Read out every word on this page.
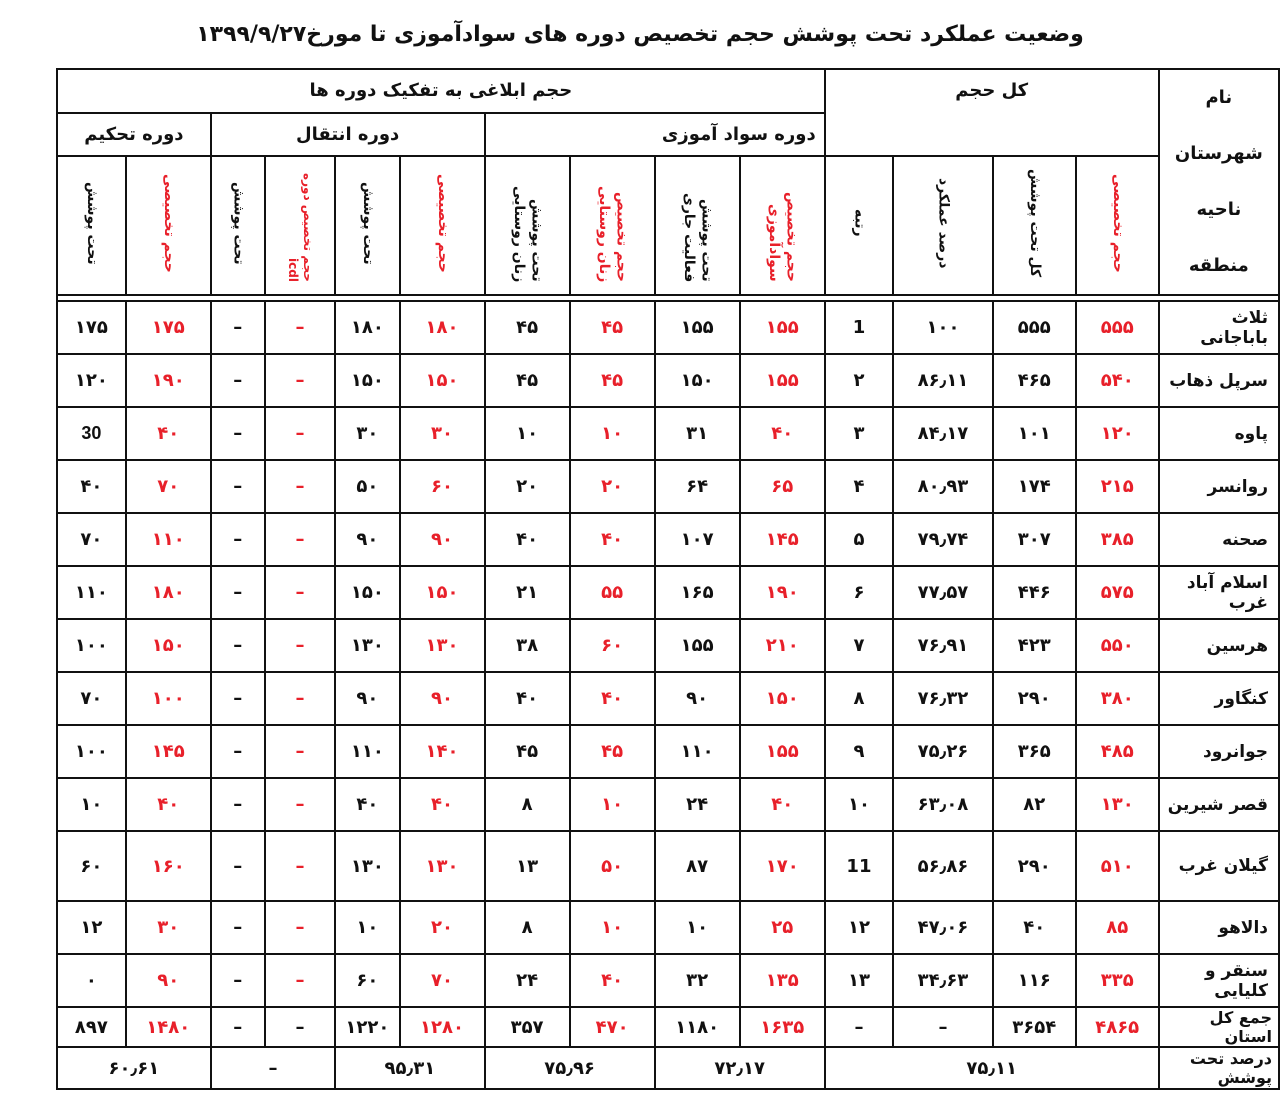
وضعیت عملکرد تحت پوشش حجم تخصیص دوره های سوادآموزی تا مورخ۱۳۹۹/۹/۲۷
نام شهرستان
ناحیه
منطقه	کل حجم				حجم ابلاغی به تفکیک دوره ها									
					دوره سواد آموزی				دوره انتقال				دوره تحکیم	
	حجم تخصیصی	کل تحت پوشش	درصد عملکرد	رتبه	حجم تخصیص سوادآموزی	تحت پوشش فعالیت جاری	حجم تخصیص زنان روستایی	تحت پوشش زنان روستایی	حجم تخصیصی	تحت پوشش	حجم تخصیص دوره icdl	تحت پوشش	حجم تخصیصی	تحت پوشش

ثلاث باباجانی	۵۵۵	۵۵۵	۱۰۰	1	۱۵۵	۱۵۵	۴۵	۴۵	۱۸۰	۱۸۰	–	–	۱۷۵	۱۷۵
سرپل ذهاب	۵۴۰	۴۶۵	۸۶٫۱۱	۲	۱۵۵	۱۵۰	۴۵	۴۵	۱۵۰	۱۵۰	–	–	۱۹۰	۱۲۰
پاوه	۱۲۰	۱۰۱	۸۴٫۱۷	۳	۴۰	۳۱	۱۰	۱۰	۳۰	۳۰	–	–	۴۰	30
روانسر	۲۱۵	۱۷۴	۸۰٫۹۳	۴	۶۵	۶۴	۲۰	۲۰	۶۰	۵۰	–	–	۷۰	۴۰
صحنه	۳۸۵	۳۰۷	۷۹٫۷۴	۵	۱۴۵	۱۰۷	۴۰	۴۰	۹۰	۹۰	–	–	۱۱۰	۷۰
اسلام آباد غرب	۵۷۵	۴۴۶	۷۷٫۵۷	۶	۱۹۰	۱۶۵	۵۵	۲۱	۱۵۰	۱۵۰	–	–	۱۸۰	۱۱۰
هرسین	۵۵۰	۴۲۳	۷۶٫۹۱	۷	۲۱۰	۱۵۵	۶۰	۳۸	۱۳۰	۱۳۰	–	–	۱۵۰	۱۰۰
کنگاور	۳۸۰	۲۹۰	۷۶٫۳۲	۸	۱۵۰	۹۰	۴۰	۴۰	۹۰	۹۰	–	–	۱۰۰	۷۰
جوانرود	۴۸۵	۳۶۵	۷۵٫۲۶	۹	۱۵۵	۱۱۰	۴۵	۴۵	۱۴۰	۱۱۰	–	–	۱۴۵	۱۰۰
قصر شیرین	۱۳۰	۸۲	۶۳٫۰۸	۱۰	۴۰	۲۴	۱۰	۸	۴۰	۴۰	–	–	۴۰	۱۰
گیلان غرب	۵۱۰	۲۹۰	۵۶٫۸۶	11	۱۷۰	۸۷	۵۰	۱۳	۱۳۰	۱۳۰	–	–	۱۶۰	۶۰
دالاهو	۸۵	۴۰	۴۷٫۰۶	۱۲	۲۵	۱۰	۱۰	۸	۲۰	۱۰	–	–	۳۰	۱۲
سنقر و کلیایی	۳۳۵	۱۱۶	۳۴٫۶۳	۱۳	۱۳۵	۳۲	۴۰	۲۴	۷۰	۶۰	–	–	۹۰	۰
جمع کل استان	۴۸۶۵	۳۶۵۴	–	–	۱۶۳۵	۱۱۸۰	۴۷۰	۳۵۷	۱۲۸۰	۱۲۲۰	–	–	۱۴۸۰	۸۹۷
درصد تحت پوشش	۷۵٫۱۱				۷۲٫۱۷		۷۵٫۹۶		۹۵٫۳۱		–		۶۰٫۶۱	
